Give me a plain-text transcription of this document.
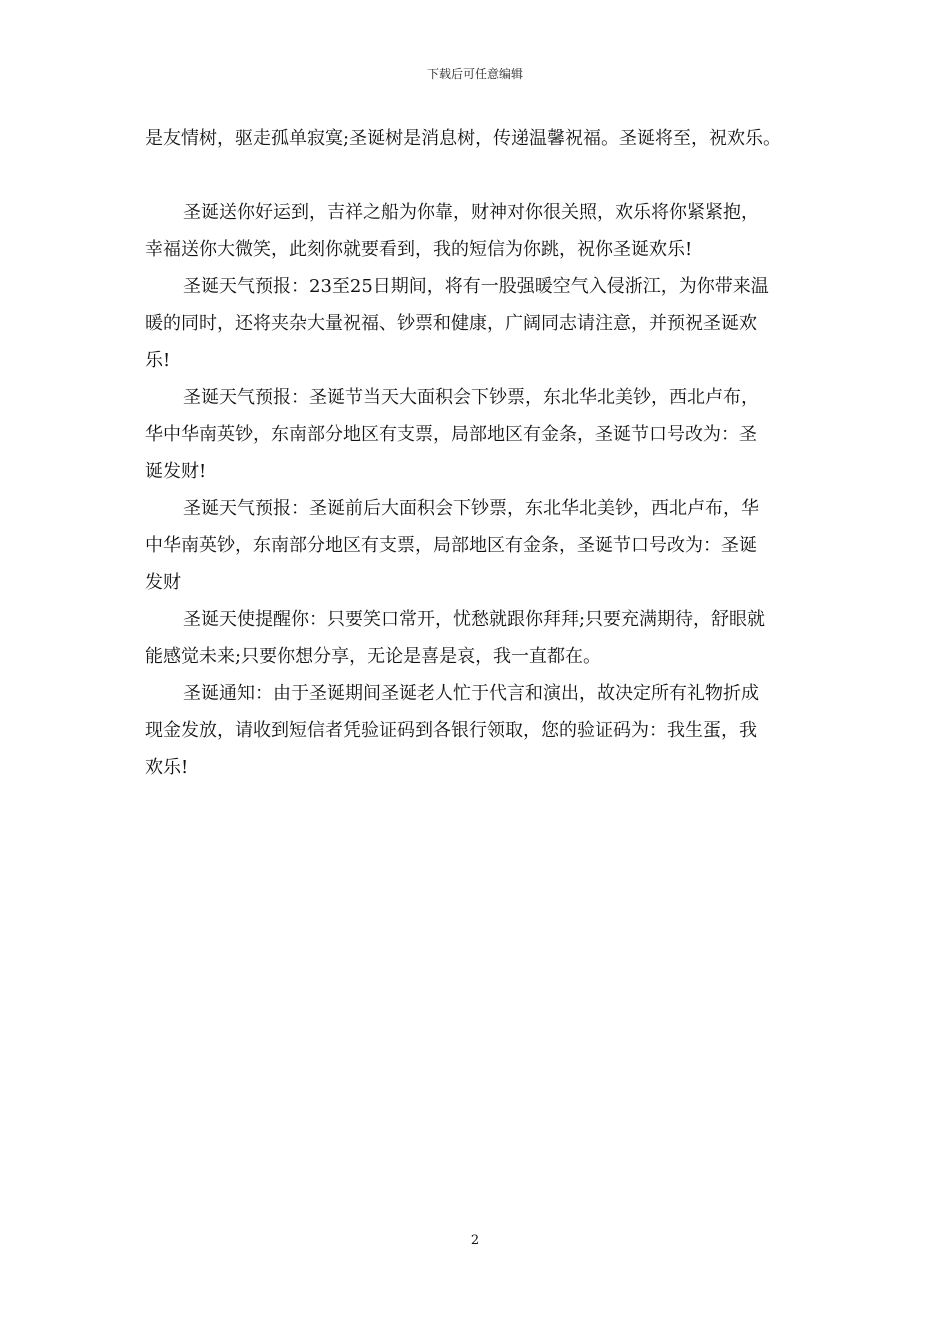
下载后可任意编辑
是友情树，驱走孤单寂寞;圣诞树是消息树，传递温馨祝福。圣诞将至，祝欢乐。
圣诞送你好运到，吉祥之船为你靠，财神对你很关照，欢乐将你紧紧抱，
幸福送你大微笑，此刻你就要看到，我的短信为你跳，祝你圣诞欢乐!
圣诞天气预报：23至25日期间，将有一股强暖空气入侵浙江，为你带来温
暖的同时，还将夹杂大量祝福、钞票和健康，广阔同志请注意，并预祝圣诞欢
乐!
圣诞天气预报：圣诞节当天大面积会下钞票，东北华北美钞，西北卢布，
华中华南英钞，东南部分地区有支票，局部地区有金条，圣诞节口号改为：圣
诞发财!
圣诞天气预报：圣诞前后大面积会下钞票，东北华北美钞，西北卢布，华
中华南英钞，东南部分地区有支票，局部地区有金条，圣诞节口号改为：圣诞
发财
圣诞天使提醒你：只要笑口常开，忧愁就跟你拜拜;只要充满期待，舒眼就
能感觉未来;只要你想分享，无论是喜是哀，我一直都在。
圣诞通知：由于圣诞期间圣诞老人忙于代言和演出，故决定所有礼物折成
现金发放，请收到短信者凭验证码到各银行领取，您的验证码为：我生蛋，我
欢乐!
2
